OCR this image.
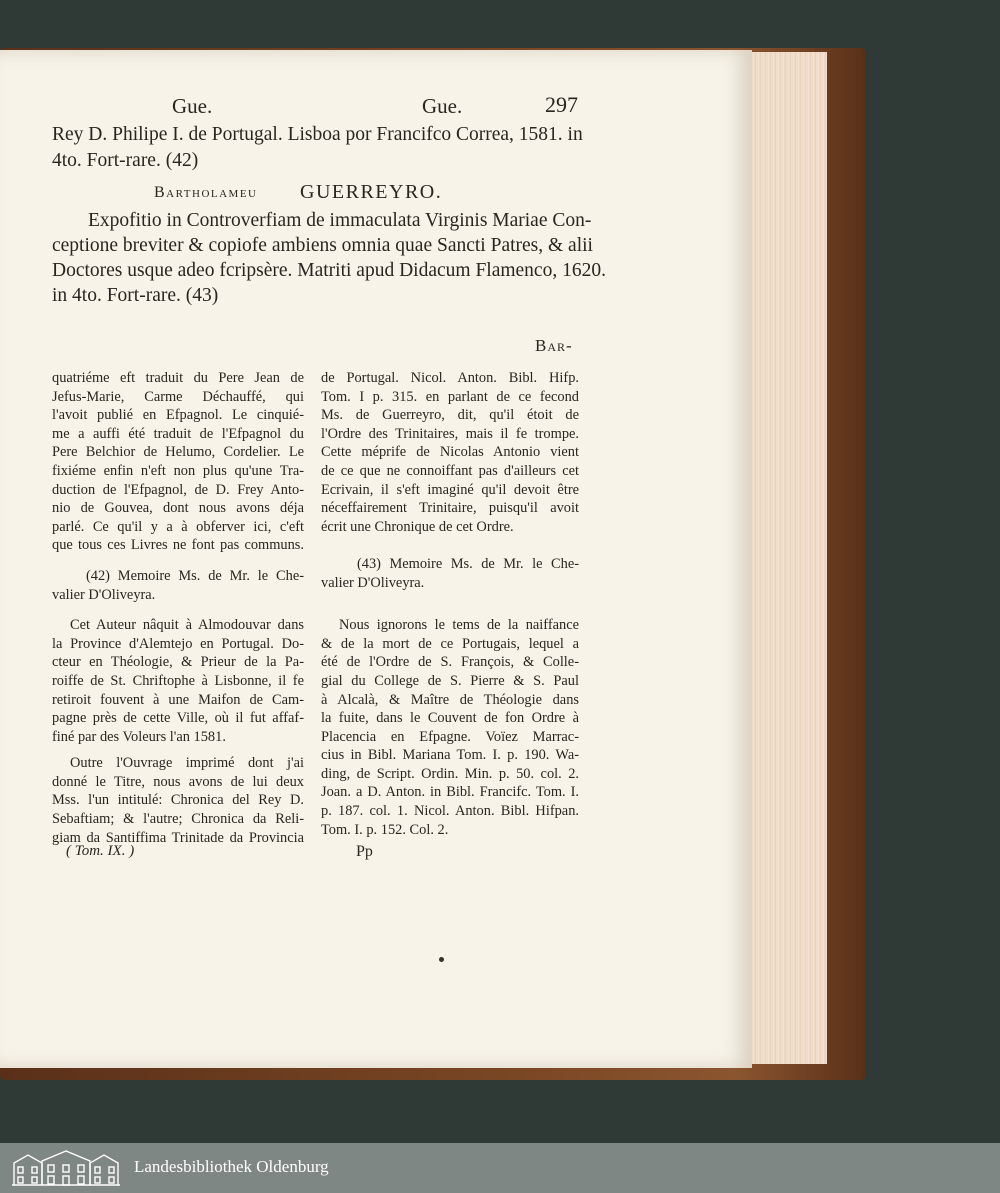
Gue.	Gue.	297
Rey D. Philipe I. de Portugal. Lisboa por Francifco Correa, 1581. in
4to. Fort-rare. (42)
Bartholameu GUERREYRO.
Expofitio in Controverfiam de immaculata Virginis Mariae Con-
ceptione breviter & copiofe ambiens omnia quae Sancti Patres, & alii
Doctores usque adeo fcripsère. Matriti apud Didacum Flamenco, 1620.
in 4to. Fort-rare. (43)
Bar-
quatriéme eft traduit du Pere Jean de
Jefus-Marie, Carme Déchauffé, qui
l'avoit publié en Efpagnol. Le cinquié-
me a auffi été traduit de l'Efpagnol du
Pere Belchior de Helumo, Cordelier. Le
fixiéme enfin n'eft non plus qu'une Tra-
duction de l'Efpagnol, de D. Frey Anto-
nio de Gouvea, dont nous avons déja
parlé. Ce qu'il y a à obferver ici, c'eft
que tous ces Livres ne font pas communs.
(42) Memoire Ms. de Mr. le Che-
valier D'Oliveyra.
Cet Auteur nâquit à Almodouvar dans
la Province d'Alemtejo en Portugal. Do-
cteur en Théologie, & Prieur de la Pa-
roiffe de St. Chriftophe à Lisbonne, il fe
retiroit fouvent à une Maifon de Cam-
pagne près de cette Ville, où il fut affaf-
finé par des Voleurs l'an 1581.
Outre l'Ouvrage imprimé dont j'ai
donné le Titre, nous avons de lui deux
Mss. l'un intitulé: Chronica del Rey D.
Sebaftiam; & l'autre; Chronica da Reli-
giam da Santiffima Trinitade da Provincia
de Portugal. Nicol. Anton. Bibl. Hifp.
Tom. I p. 315. en parlant de ce fecond
Ms. de Guerreyro, dit, qu'il étoit de
l'Ordre des Trinitaires, mais il fe trompe.
Cette méprife de Nicolas Antonio vient
de ce que ne connoiffant pas d'ailleurs cet
Ecrivain, il s'eft imaginé qu'il devoit être
néceffairement Trinitaire, puisqu'il avoit
écrit une Chronique de cet Ordre.
(43) Memoire Ms. de Mr. le Che-
valier D'Oliveyra.
Nous ignorons le tems de la naiffance
& de la mort de ce Portugais, lequel a
été de l'Ordre de S. François, & Colle-
gial du College de S. Pierre & S. Paul
à Alcalà, & Maître de Théologie dans
la fuite, dans le Couvent de fon Ordre à
Placencia en Efpagne. Voïez Marrac-
cius in Bibl. Mariana Tom. I. p. 190. Wa-
ding, de Script. Ordin. Min. p. 50. col. 2.
Joan. a D. Anton. in Bibl. Francifc. Tom. I.
p. 187. col. 1. Nicol. Anton. Bibl. Hifpan.
Tom. I. p. 152. Col. 2.
( Tom. IX. )	Pp
Landesbibliothek Oldenburg
